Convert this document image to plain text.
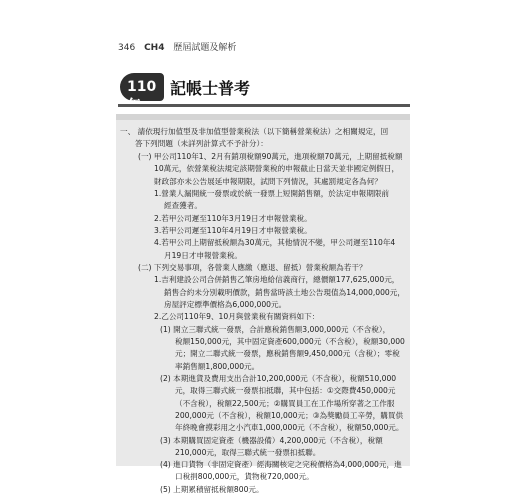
346 CH4 歷屆試題及解析
110 記帳士普考
一、 請依現行加值型及非加值型營業稅法（以下簡稱營業稅法）之相關規定，回
答下列問題（未詳列計算式不予計分）：
(一) 甲公司110年1、2月有銷項稅額90萬元，進項稅額70萬元，上期留抵稅額
10萬元，依營業稅法規定該期營業稅的申報截止日當天並非國定例假日，
財政部亦未公告展延申報期限，試問下列情況，其處罰規定各為何？
1.營業人漏開統一發票或於統一發票上短開銷售額，於法定申報期限前
經查獲者。
2.若甲公司遲至110年3月19日才申報營業稅。
3.若甲公司遲至110年4月19日才申報營業稅。
4.若甲公司上期留抵稅額為30萬元，其他情況不變，甲公司遲至110年4
月19日才申報營業稅。
(二) 下列交易事項，各營業人應繳（應退、留抵）營業稅額為若干？
1.吉利建設公司合併銷售乙筆房地給信義商行，總價額177,625,000元，
銷售合約未分別載明價款，銷售當時該土地公告現值為14,000,000元，
房屋評定標準價格為6,000,000元。
2.乙公司110年9、10月與營業稅有關資料如下：
(1) 開立三聯式統一發票，合計應稅銷售額3,000,000元（不含稅），
稅額150,000元，其中固定資產600,000元（不含稅），稅額30,000
元；開立二聯式統一發票，應稅銷售額9,450,000元（含稅）；零稅
率銷售額1,800,000元。
(2) 本期進貨及費用支出合計10,200,000元（不含稅），稅額510,000
元，取得三聯式統一發票扣抵聯，其中包括：①交際費450,000元
（不含稅），稅額22,500元；②購買員工在工作場所穿著之工作服
200,000元（不含稅），稅額10,000元；③為獎勵員工辛勞，購買供
年終晚會摸彩用之小汽車1,000,000元（不含稅），稅額50,000元。
(3) 本期購買固定資產（機器設備）4,200,000元（不含稅），稅額
210,000元，取得三聯式統一發票扣抵聯。
(4) 進口貨物（非固定資產）經海關核定之完稅價格為4,000,000元，進
口稅捐800,000元，貨物稅720,000元。
(5) 上期累積留抵稅額800元。
